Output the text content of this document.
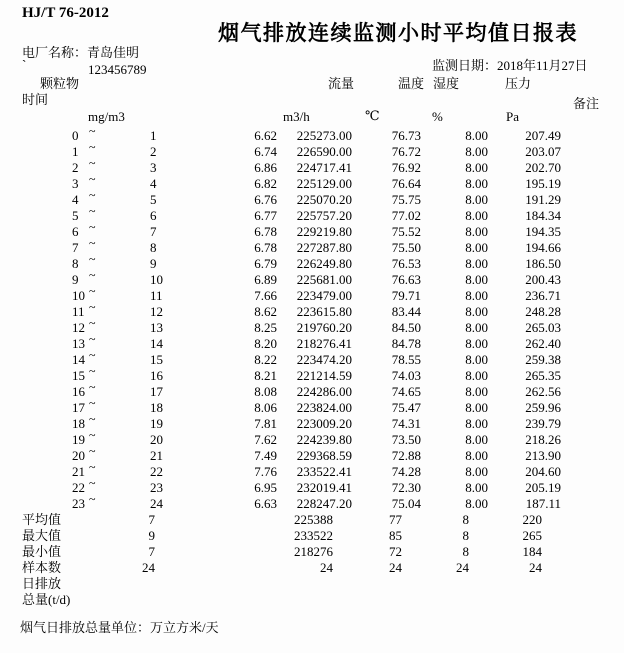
HJ/T 76-2012
烟气排放连续监测小时平均值日报表
电厂名称：青岛佳明
`	123456789	监测日期：2018年11月27日
颗粒物
时间
流量	温度 湿度	压力
备注
mg/m3	m3/h	℃	%	Pa
0 ~	1	6.62	225273.00	76.73	8.00	207.49
1 ~	2	6.74	226590.00	76.72	8.00	203.07
2 ~	3	6.86	224717.41	76.92	8.00	202.70
3 ~	4	6.82	225129.00	76.64	8.00	195.19
4 ~	5	6.76	225070.20	75.75	8.00	191.29
5 ~	6	6.77	225757.20	77.02	8.00	184.34
6 ~	7	6.78	229219.80	75.52	8.00	194.35
7 ~	8	6.78	227287.80	75.50	8.00	194.66
8 ~	9	6.79	226249.80	76.53	8.00	186.50
9 ~	10	6.89	225681.00	76.63	8.00	200.43
10 ~	11	7.66	223479.00	79.71	8.00	236.71
11 ~	12	8.62	223615.80	83.44	8.00	248.28
12 ~	13	8.25	219760.20	84.50	8.00	265.03
13 ~	14	8.20	218276.41	84.78	8.00	262.40
14 ~	15	8.22	223474.20	78.55	8.00	259.38
15 ~	16	8.21	221214.59	74.03	8.00	265.35
16 ~	17	8.08	224286.00	74.65	8.00	262.56
17 ~	18	8.06	223824.00	75.47	8.00	259.96
18 ~	19	7.81	223009.20	74.31	8.00	239.79
19 ~	20	7.62	224239.80	73.50	8.00	218.26
20 ~	21	7.49	229368.59	72.88	8.00	213.90
21 ~	22	7.76	233522.41	74.28	8.00	204.60
22 ~	23	6.95	232019.41	72.30	8.00	205.19
23 ~	24	6.63	228247.20	75.04	8.00	187.11
平均值	7	225388	77	8	220
最大值	9	233522	85	8	265
最小值	7	218276	72	8	184
样本数	24	24	24	24	24
日排放
总量(t/d)
烟气日排放总量单位：万立方米/天
